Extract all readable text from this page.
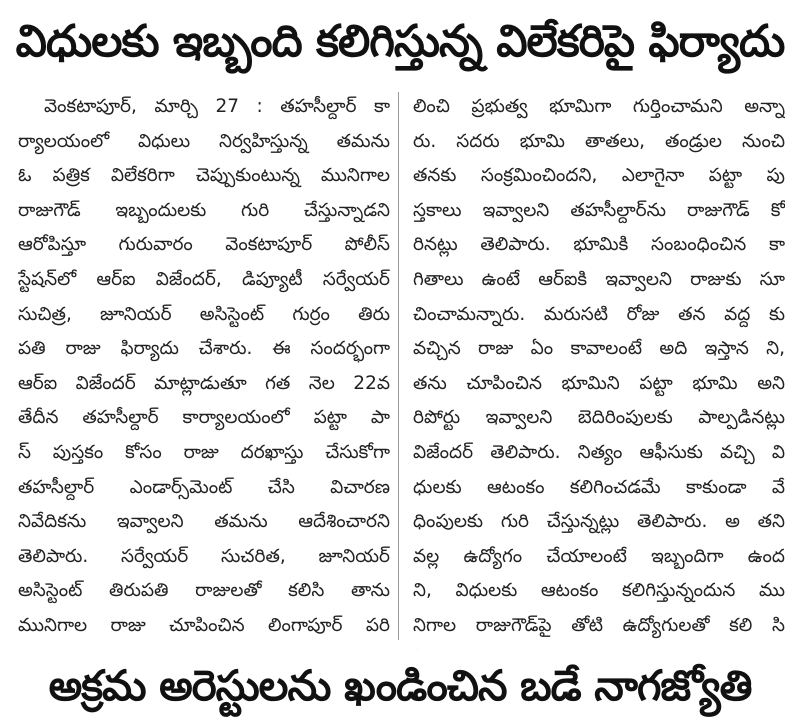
విధులకు ఇబ్బంది కలిగిస్తున్న విలేకరిపై ఫిర్యాదు
వెంకటాపూర్, మార్చి 27 : తహసీల్దార్ కా
ర్యాలయంలో విధులు నిర్వహిస్తున్న తమను
ఓ పత్రిక విలేకరిగా చెప్పుకుంటున్న మునిగాల
రాజుగౌడ్ ఇబ్బందులకు గురి చేస్తున్నాడని
ఆరోపిస్తూ గురువారం వెంకటాపూర్ పోలీస్
స్టేషన్‌లో ఆర్ఐ విజేందర్, డిప్యూటీ సర్వేయర్
సుచిత్ర, జూనియర్ అసిస్టెంట్ గుర్రం తిరు
పతి రాజు ఫిర్యాదు చేశారు. ఈ సందర్భంగా
ఆర్ఐ విజేందర్ మాట్లాడుతూ గత నెల 22వ
తేదీన తహసీల్దార్ కార్యాలయంలో పట్టా పా
స్ పుస్తకం కోసం రాజు దరఖాస్తు చేసుకోగా
తహసీల్దార్ ఎండార్స్‌మెంట్ చేసి విచారణ
నివేదికను ఇవ్వాలని తమను ఆదేశించారని
తెలిపారు. సర్వేయర్ సుచరిత, జూనియర్
అసిస్టెంట్ తిరుపతి రాజులతో కలిసి తాను
మునిగాల రాజు చూపించిన లింగాపూర్ పరి
లించి ప్రభుత్వ భూమిగా గుర్తించామని అన్నా
రు. సదరు భూమి తాతలు, తండ్రుల నుంచి
తనకు సంక్రమించిందని, ఎలాగైనా పట్టా పు
స్తకాలు ఇవ్వాలని తహసీల్దార్‌ను రాజుగౌడ్ కో
రినట్లు తెలిపారు. భూమికి సంబంధించిన కా
గితాలు ఉంటే ఆర్ఐకి ఇవ్వాలని రాజుకు సూ
చించామన్నారు. మరుసటి రోజు తన వద్ద కు
వచ్చిన రాజు ఏం కావాలంటే అది ఇస్తాన ని,
తను చూపించిన భూమిని పట్టా భూమి అని
రిపోర్టు ఇవ్వాలని బెదిరింపులకు పాల్పడినట్లు
విజేందర్ తెలిపారు. నిత్యం ఆఫీసుకు వచ్చి వి
ధులకు ఆటంకం కలిగించడమే కాకుండా వే
ధింపులకు గురి చేస్తున్నట్లు తెలిపారు. అ తని
వల్ల ఉద్యోగం చేయాలంటే ఇబ్బందిగా ఉంద
ని, విధులకు ఆటంకం కలిగిస్తున్నందున ము
నిగాల రాజుగౌడ్‌పై తోటి ఉద్యోగులతో కలి సి
అక్రమ అరెస్టులను ఖండించిన బడే నాగజ్యోతి
